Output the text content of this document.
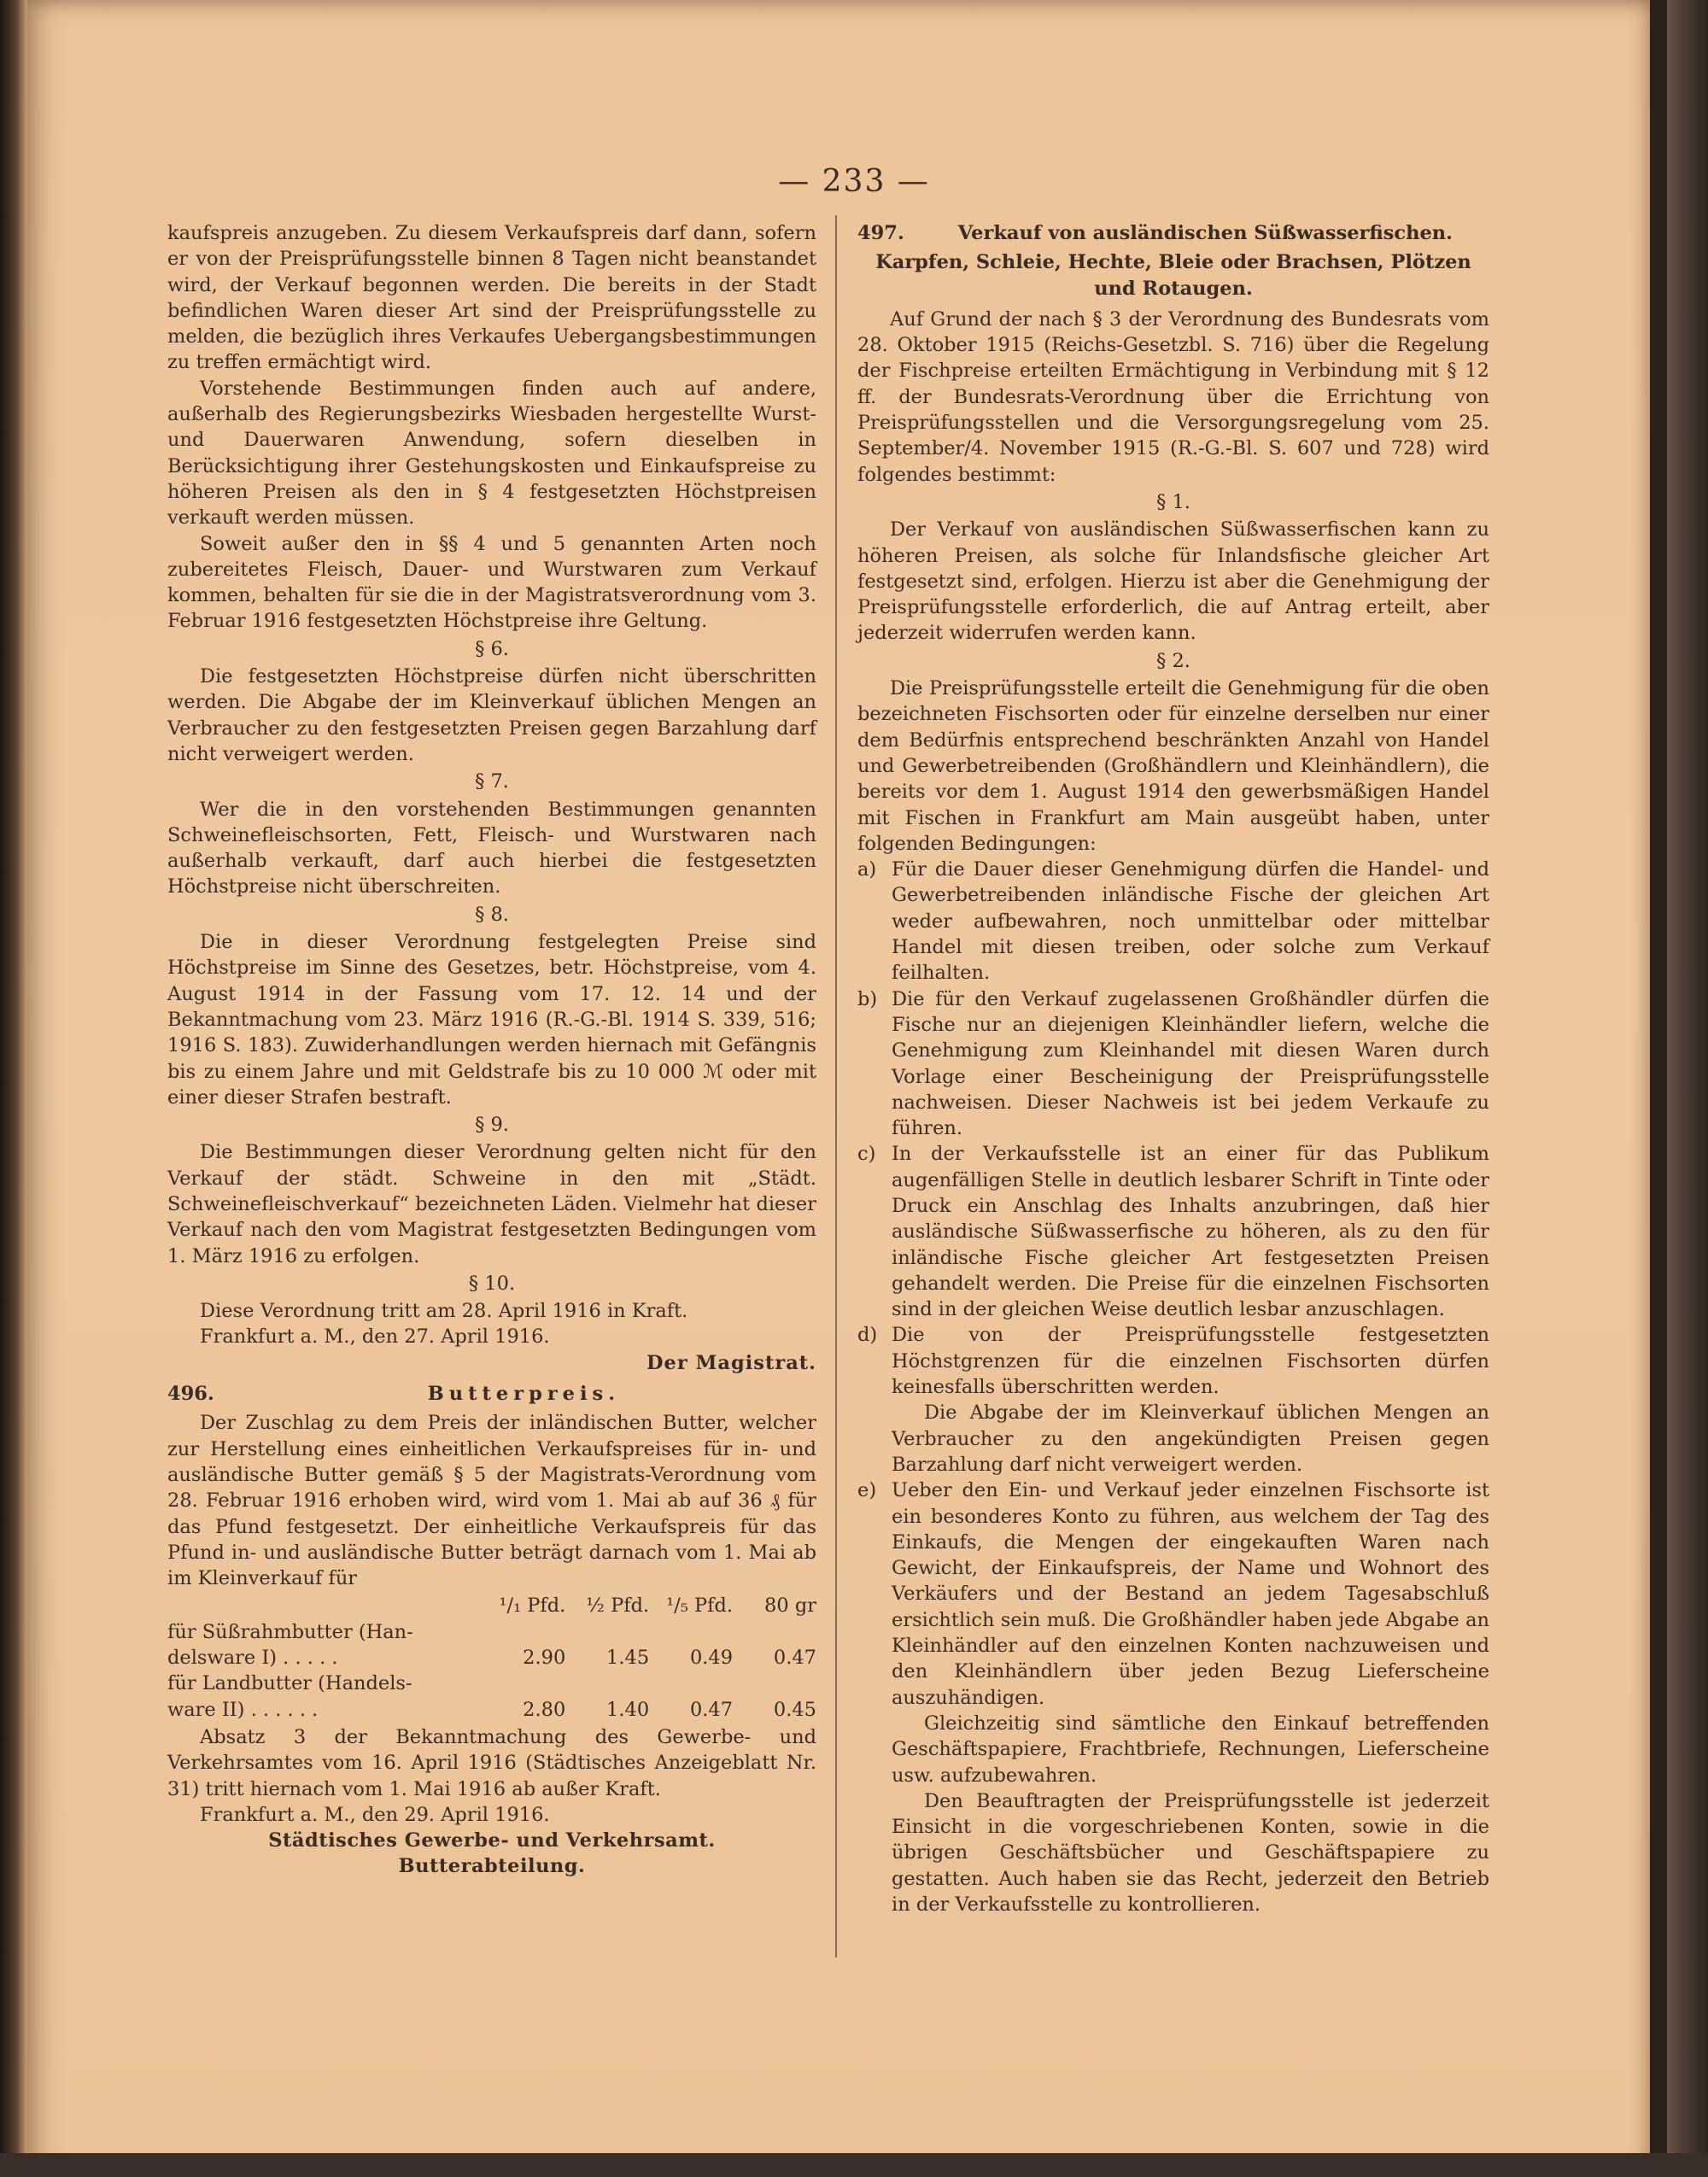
— 233 —

kaufspreis anzugeben. Zu diesem Verkaufspreis darf dann, sofern er von der Preisprüfungsstelle binnen 8 Tagen nicht beanstandet wird, der Verkauf begonnen werden. Die bereits in der Stadt befindlichen Waren dieser Art sind der Preisprüfungsstelle zu melden, die bezüglich ihres Verkaufes Uebergangsbestimmungen zu treffen ermächtigt wird.

Vorstehende Bestimmungen finden auch auf andere, außerhalb des Regierungsbezirks Wiesbaden hergestellte Wurst- und Dauerwaren Anwendung, sofern dieselben in Berücksichtigung ihrer Gestehungskosten und Einkaufspreise zu höheren Preisen als den in § 4 festgesetzten Höchstpreisen verkauft werden müssen.

Soweit außer den in §§ 4 und 5 genannten Arten noch zubereitetes Fleisch, Dauer- und Wurstwaren zum Verkauf kommen, behalten für sie die in der Magistratsverordnung vom 3. Februar 1916 festgesetzten Höchstpreise ihre Geltung.

§ 6.

Die festgesetzten Höchstpreise dürfen nicht überschritten werden. Die Abgabe der im Kleinverkauf üblichen Mengen an Verbraucher zu den festgesetzten Preisen gegen Barzahlung darf nicht verweigert werden.

§ 7.

Wer die in den vorstehenden Bestimmungen genannten Schweinefleischsorten, Fett, Fleisch- und Wurstwaren nach außerhalb verkauft, darf auch hierbei die festgesetzten Höchstpreise nicht überschreiten.

§ 8.

Die in dieser Verordnung festgelegten Preise sind Höchstpreise im Sinne des Gesetzes, betr. Höchstpreise, vom 4. August 1914 in der Fassung vom 17. 12. 14 und der Bekanntmachung vom 23. März 1916 (R.-G.-Bl. 1914 S. 339, 516; 1916 S. 183). Zuwiderhandlungen werden hiernach mit Gefängnis bis zu einem Jahre und mit Geldstrafe bis zu 10 000 ℳ oder mit einer dieser Strafen bestraft.

§ 9.

Die Bestimmungen dieser Verordnung gelten nicht für den Verkauf der städt. Schweine in den mit „Städt. Schweinefleischverkauf“ bezeichneten Läden. Vielmehr hat dieser Verkauf nach den vom Magistrat festgesetzten Bedingungen vom 1. März 1916 zu erfolgen.

§ 10.

Diese Verordnung tritt am 28. April 1916 in Kraft.

Frankfurt a. M., den 27. April 1916.

Der Magistrat.

496.	Butterpreis.

Der Zuschlag zu dem Preis der inländischen Butter, welcher zur Herstellung eines einheitlichen Verkaufspreises für in- und ausländische Butter gemäß § 5 der Magistrats-Verordnung vom 28. Februar 1916 erhoben wird, wird vom 1. Mai ab auf 36 ₰ für das Pfund festgesetzt. Der einheitliche Verkaufspreis für das Pfund in- und ausländische Butter beträgt darnach vom 1. Mai ab im Kleinverkauf für

	¹/₁ Pfd.	½ Pfd.	¹/₅ Pfd.	80 gr
für Süßrahmbutter (Han-				
delsware I) . . . . .	2.90	1.45	0.49	0.47
für Landbutter (Handels-				
ware II) . . . . . .	2.80	1.40	0.47	0.45

Absatz 3 der Bekanntmachung des Gewerbe- und Verkehrsamtes vom 16. April 1916 (Städtisches Anzeigeblatt Nr. 31) tritt hiernach vom 1. Mai 1916 ab außer Kraft.

Frankfurt a. M., den 29. April 1916.

Städtisches Gewerbe- und Verkehrsamt.

Butterabteilung.

497.	Verkauf von ausländischen Süßwasserfischen.

Karpfen, Schleie, Hechte, Bleie oder Brachsen, Plötzen und Rotaugen.

Auf Grund der nach § 3 der Verordnung des Bundesrats vom 28. Oktober 1915 (Reichs-Gesetzbl. S. 716) über die Regelung der Fischpreise erteilten Ermächtigung in Verbindung mit § 12 ff. der Bundesrats-Verordnung über die Errichtung von Preisprüfungsstellen und die Versorgungsregelung vom 25. September/4. November 1915 (R.-G.-Bl. S. 607 und 728) wird folgendes bestimmt:

§ 1.

Der Verkauf von ausländischen Süßwasserfischen kann zu höheren Preisen, als solche für Inlandsfische gleicher Art festgesetzt sind, erfolgen. Hierzu ist aber die Genehmigung der Preisprüfungsstelle erforderlich, die auf Antrag erteilt, aber jederzeit widerrufen werden kann.

§ 2.

Die Preisprüfungsstelle erteilt die Genehmigung für die oben bezeichneten Fischsorten oder für einzelne derselben nur einer dem Bedürfnis entsprechend beschränkten Anzahl von Handel und Gewerbetreibenden (Großhändlern und Kleinhändlern), die bereits vor dem 1. August 1914 den gewerbsmäßigen Handel mit Fischen in Frankfurt am Main ausgeübt haben, unter folgenden Bedingungen:

a) Für die Dauer dieser Genehmigung dürfen die Handel- und Gewerbetreibenden inländische Fische der gleichen Art weder aufbewahren, noch unmittelbar oder mittelbar Handel mit diesen treiben, oder solche zum Verkauf feilhalten.
b) Die für den Verkauf zugelassenen Großhändler dürfen die Fische nur an diejenigen Kleinhändler liefern, welche die Genehmigung zum Kleinhandel mit diesen Waren durch Vorlage einer Bescheinigung der Preisprüfungsstelle nachweisen. Dieser Nachweis ist bei jedem Verkaufe zu führen.
c) In der Verkaufsstelle ist an einer für das Publikum augenfälligen Stelle in deutlich lesbarer Schrift in Tinte oder Druck ein Anschlag des Inhalts anzubringen, daß hier ausländische Süßwasserfische zu höheren, als zu den für inländische Fische gleicher Art festgesetzten Preisen gehandelt werden. Die Preise für die einzelnen Fischsorten sind in der gleichen Weise deutlich lesbar anzuschlagen.
d) Die von der Preisprüfungsstelle festgesetzten Höchstgrenzen für die einzelnen Fischsorten dürfen keinesfalls überschritten werden.

Die Abgabe der im Kleinverkauf üblichen Mengen an Verbraucher zu den angekündigten Preisen gegen Barzahlung darf nicht verweigert werden.

e) Ueber den Ein- und Verkauf jeder einzelnen Fischsorte ist ein besonderes Konto zu führen, aus welchem der Tag des Einkaufs, die Mengen der eingekauften Waren nach Gewicht, der Einkaufspreis, der Name und Wohnort des Verkäufers und der Bestand an jedem Tagesabschluß ersichtlich sein muß. Die Großhändler haben jede Abgabe an Kleinhändler auf den einzelnen Konten nachzuweisen und den Kleinhändlern über jeden Bezug Lieferscheine auszuhändigen.

Gleichzeitig sind sämtliche den Einkauf betreffenden Geschäftspapiere, Frachtbriefe, Rechnungen, Lieferscheine usw. aufzubewahren.

Den Beauftragten der Preisprüfungsstelle ist jederzeit Einsicht in die vorgeschriebenen Konten, sowie in die übrigen Geschäftsbücher und Geschäftspapiere zu gestatten. Auch haben sie das Recht, jederzeit den Betrieb in der Verkaufsstelle zu kontrollieren.
